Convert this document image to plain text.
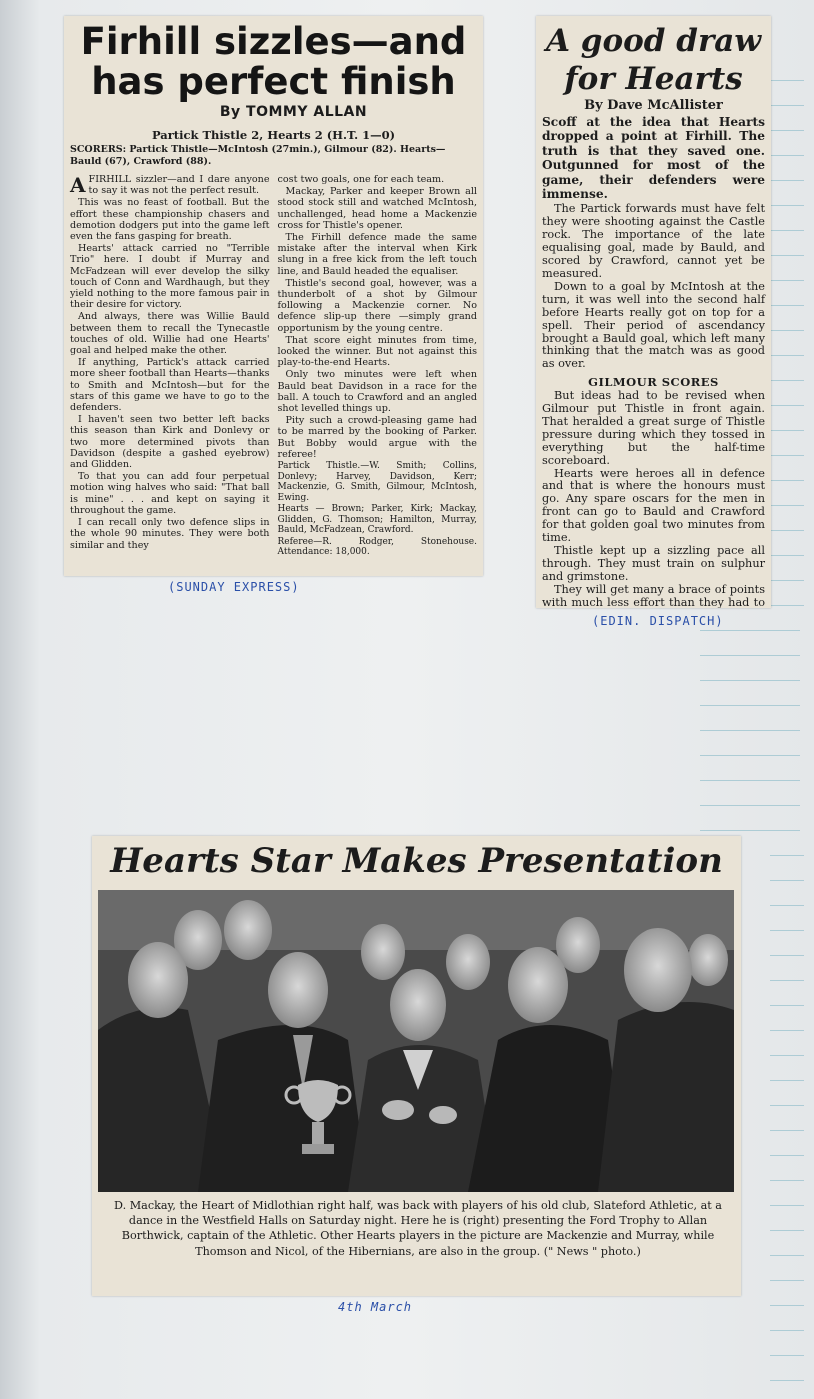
Firhill sizzles—and has perfect finish
By TOMMY ALLAN
Partick Thistle 2, Hearts 2 (H.T. 1—0)
SCORERS: Partick Thistle—McIntosh (27min.), Gilmour (82). Hearts—Bauld (67), Crawford (88).

A FIRHILL sizzler—and I dare anyone to say it was not the perfect result.

This was no feast of football. But the effort these championship chasers and demotion dodgers put into the game left even the fans gasping for breath.

Hearts' attack carried no "Terrible Trio" here. I doubt if Murray and McFadzean will ever develop the silky touch of Conn and Wardhaugh, but they yield nothing to the more famous pair in their desire for victory.

And always, there was Willie Bauld between them to recall the Tynecastle touches of old. Willie had one Hearts' goal and helped make the other.

If anything, Partick's attack carried more sheer football than Hearts—thanks to Smith and McIntosh—but for the stars of this game we have to go to the defenders.

I haven't seen two better left backs this season than Kirk and Donlevy or two more determined pivots than Davidson (despite a gashed eyebrow) and Glidden.

To that you can add four perpetual motion wing halves who said: "That ball is mine" . . . and kept on saying it throughout the game.

I can recall only two defence slips in the whole 90 minutes. They were both similar and they

cost two goals, one for each team.

Mackay, Parker and keeper Brown all stood stock still and watched McIntosh, unchallenged, head home a Mackenzie cross for Thistle's opener.

The Firhill defence made the same mistake after the interval when Kirk slung in a free kick from the left touch line, and Bauld headed the equaliser.

Thistle's second goal, however, was a thunderbolt of a shot by Gilmour following a Mackenzie corner. No defence slip-up there —simply grand opportunism by the young centre.

That score eight minutes from time, looked the winner. But not against this play-to-the-end Hearts.

Only two minutes were left when Bauld beat Davidson in a race for the ball. A touch to Crawford and an angled shot levelled things up.

Pity such a crowd-pleasing game had to be marred by the booking of Parker. But Bobby would argue with the referee!

Partick Thistle.—W. Smith; Collins, Donlevy; Harvey, Davidson, Kerr; Mackenzie, G. Smith, Gilmour, McIntosh, Ewing.

Hearts — Brown; Parker, Kirk; Mackay, Glidden, G. Thomson; Hamilton, Murray, Bauld, McFadzean, Crawford.

Referee—R. Rodger, Stonehouse. Attendance: 18,000.

(SUNDAY EXPRESS)
A good draw for Hearts
By Dave McAllister
Scoff at the idea that Hearts dropped a point at Firhill. The truth is that they saved one. Outgunned for most of the game, their defenders were immense.

The Partick forwards must have felt they were shooting against the Castle rock. The importance of the late equalising goal, made by Bauld, and scored by Crawford, cannot yet be measured.

Down to a goal by McIntosh at the turn, it was well into the second half before Hearts really got on top for a spell. Their period of ascendancy brought a Bauld goal, which left many thinking that the match was as good as over.

GILMOUR SCORES

But ideas had to be revised when Gilmour put Thistle in front again. That heralded a great surge of Thistle pressure during which they tossed in everything but the half-time scoreboard.

Hearts were heroes all in defence and that is where the honours must go. Any spare oscars for the men in front can go to Bauld and Crawford for that golden goal two minutes from time.

Thistle kept up a sizzling pace all through. They must train on sulphur and grimstone.

They will get many a brace of points with much less effort than they had to

(EDIN. DISPATCH)
Hearts Star Makes Presentation
D. Mackay, the Heart of Midlothian right half, was back with players of his old club, Slateford Athletic, at a dance in the Westfield Halls on Saturday night. Here he is (right) presenting the Ford Trophy to Allan Borthwick, captain of the Athletic. Other Hearts players in the picture are Mackenzie and Murray, while Thomson and Nicol, of the Hibernians, are also in the group. (" News " photo.)
4th March
